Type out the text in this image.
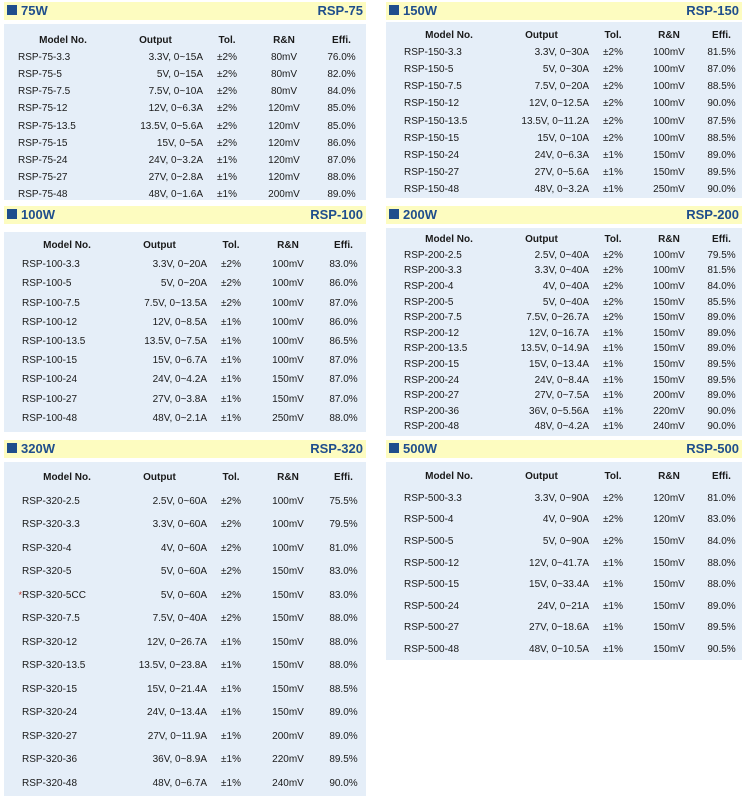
75W	RSP-75
	Model No.	Output	Tol.	R&N	Effi.
	RSP-75-3.3	3.3V, 0~15A	±2%	80mV	76.0%
	RSP-75-5	5V, 0~15A	±2%	80mV	82.0%
	RSP-75-7.5	7.5V, 0~10A	±2%	80mV	84.0%
	RSP-75-12	12V, 0~6.3A	±2%	120mV	85.0%
	RSP-75-13.5	13.5V, 0~5.6A	±2%	120mV	85.0%
	RSP-75-15	15V, 0~5A	±2%	120mV	86.0%
	RSP-75-24	24V, 0~3.2A	±1%	120mV	87.0%
	RSP-75-27	27V, 0~2.8A	±1%	120mV	88.0%
	RSP-75-48	48V, 0~1.6A	±1%	200mV	89.0%
150W	RSP-150
	Model No.	Output	Tol.	R&N	Effi.
	RSP-150-3.3	3.3V, 0~30A	±2%	100mV	81.5%
	RSP-150-5	5V, 0~30A	±2%	100mV	87.0%
	RSP-150-7.5	7.5V, 0~20A	±2%	100mV	88.5%
	RSP-150-12	12V, 0~12.5A	±2%	100mV	90.0%
	RSP-150-13.5	13.5V, 0~11.2A	±2%	100mV	87.5%
	RSP-150-15	15V, 0~10A	±2%	100mV	88.5%
	RSP-150-24	24V, 0~6.3A	±1%	150mV	89.0%
	RSP-150-27	27V, 0~5.6A	±1%	150mV	89.5%
	RSP-150-48	48V, 0~3.2A	±1%	250mV	90.0%
100W	RSP-100
	Model No.	Output	Tol.	R&N	Effi.
	RSP-100-3.3	3.3V, 0~20A	±2%	100mV	83.0%
	RSP-100-5	5V, 0~20A	±2%	100mV	86.0%
	RSP-100-7.5	7.5V, 0~13.5A	±2%	100mV	87.0%
	RSP-100-12	12V, 0~8.5A	±1%	100mV	86.0%
	RSP-100-13.5	13.5V, 0~7.5A	±1%	100mV	86.5%
	RSP-100-15	15V, 0~6.7A	±1%	100mV	87.0%
	RSP-100-24	24V, 0~4.2A	±1%	150mV	87.0%
	RSP-100-27	27V, 0~3.8A	±1%	150mV	87.0%
	RSP-100-48	48V, 0~2.1A	±1%	250mV	88.0%
200W	RSP-200
	Model No.	Output	Tol.	R&N	Effi.
	RSP-200-2.5	2.5V, 0~40A	±2%	100mV	79.5%
	RSP-200-3.3	3.3V, 0~40A	±2%	100mV	81.5%
	RSP-200-4	4V, 0~40A	±2%	100mV	84.0%
	RSP-200-5	5V, 0~40A	±2%	150mV	85.5%
	RSP-200-7.5	7.5V, 0~26.7A	±2%	150mV	89.0%
	RSP-200-12	12V, 0~16.7A	±1%	150mV	89.0%
	RSP-200-13.5	13.5V, 0~14.9A	±1%	150mV	89.0%
	RSP-200-15	15V, 0~13.4A	±1%	150mV	89.5%
	RSP-200-24	24V, 0~8.4A	±1%	150mV	89.5%
	RSP-200-27	27V, 0~7.5A	±1%	200mV	89.0%
	RSP-200-36	36V, 0~5.56A	±1%	220mV	90.0%
	RSP-200-48	48V, 0~4.2A	±1%	240mV	90.0%
320W	RSP-320
	Model No.	Output	Tol.	R&N	Effi.
	RSP-320-2.5	2.5V, 0~60A	±2%	100mV	75.5%
	RSP-320-3.3	3.3V, 0~60A	±2%	100mV	79.5%
	RSP-320-4	4V, 0~60A	±2%	100mV	81.0%
	RSP-320-5	5V, 0~60A	±2%	150mV	83.0%
*	RSP-320-5CC	5V, 0~60A	±2%	150mV	83.0%
	RSP-320-7.5	7.5V, 0~40A	±2%	150mV	88.0%
	RSP-320-12	12V, 0~26.7A	±1%	150mV	88.0%
	RSP-320-13.5	13.5V, 0~23.8A	±1%	150mV	88.0%
	RSP-320-15	15V, 0~21.4A	±1%	150mV	88.5%
	RSP-320-24	24V, 0~13.4A	±1%	150mV	89.0%
	RSP-320-27	27V, 0~11.9A	±1%	200mV	89.0%
	RSP-320-36	36V, 0~8.9A	±1%	220mV	89.5%
	RSP-320-48	48V, 0~6.7A	±1%	240mV	90.0%
500W	RSP-500
	Model No.	Output	Tol.	R&N	Effi.
	RSP-500-3.3	3.3V, 0~90A	±2%	120mV	81.0%
	RSP-500-4	4V, 0~90A	±2%	120mV	83.0%
	RSP-500-5	5V, 0~90A	±2%	150mV	84.0%
	RSP-500-12	12V, 0~41.7A	±1%	150mV	88.0%
	RSP-500-15	15V, 0~33.4A	±1%	150mV	88.0%
	RSP-500-24	24V, 0~21A	±1%	150mV	89.0%
	RSP-500-27	27V, 0~18.6A	±1%	150mV	89.5%
	RSP-500-48	48V, 0~10.5A	±1%	150mV	90.5%
